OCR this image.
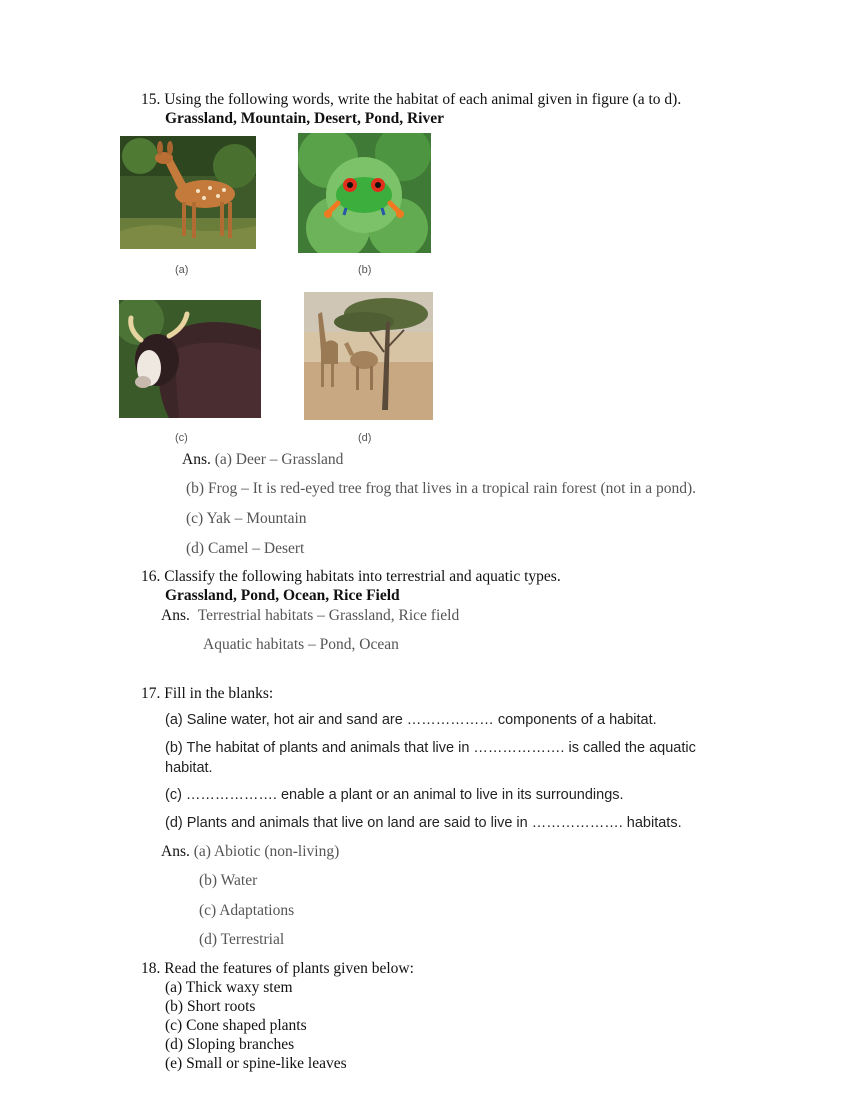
15. Using the following words, write the habitat of each animal given in figure (a to d).
Grassland, Mountain, Desert, Pond, River
(a)	(b)
(c)	(d)
Ans. (a) Deer – Grassland
(b) Frog – It is red-eyed tree frog that lives in a tropical rain forest (not in a pond).
(c) Yak – Mountain
(d) Camel – Desert
16. Classify the following habitats into terrestrial and aquatic types.
Grassland, Pond, Ocean, Rice Field
Ans. Terrestrial habitats – Grassland, Rice field
Aquatic habitats – Pond, Ocean
17. Fill in the blanks:
(a) Saline water, hot air and sand are ……………… components of a habitat.
(b) The habitat of plants and animals that live in ………………. is called the aquatic
habitat.
(c) ………………. enable a plant or an animal to live in its surroundings.
(d) Plants and animals that live on land are said to live in ………………. habitats.
Ans. (a) Abiotic (non-living)
(b) Water
(c) Adaptations
(d) Terrestrial
18. Read the features of plants given below:
(a) Thick waxy stem
(b) Short roots
(c) Cone shaped plants
(d) Sloping branches
(e) Small or spine-like leaves
